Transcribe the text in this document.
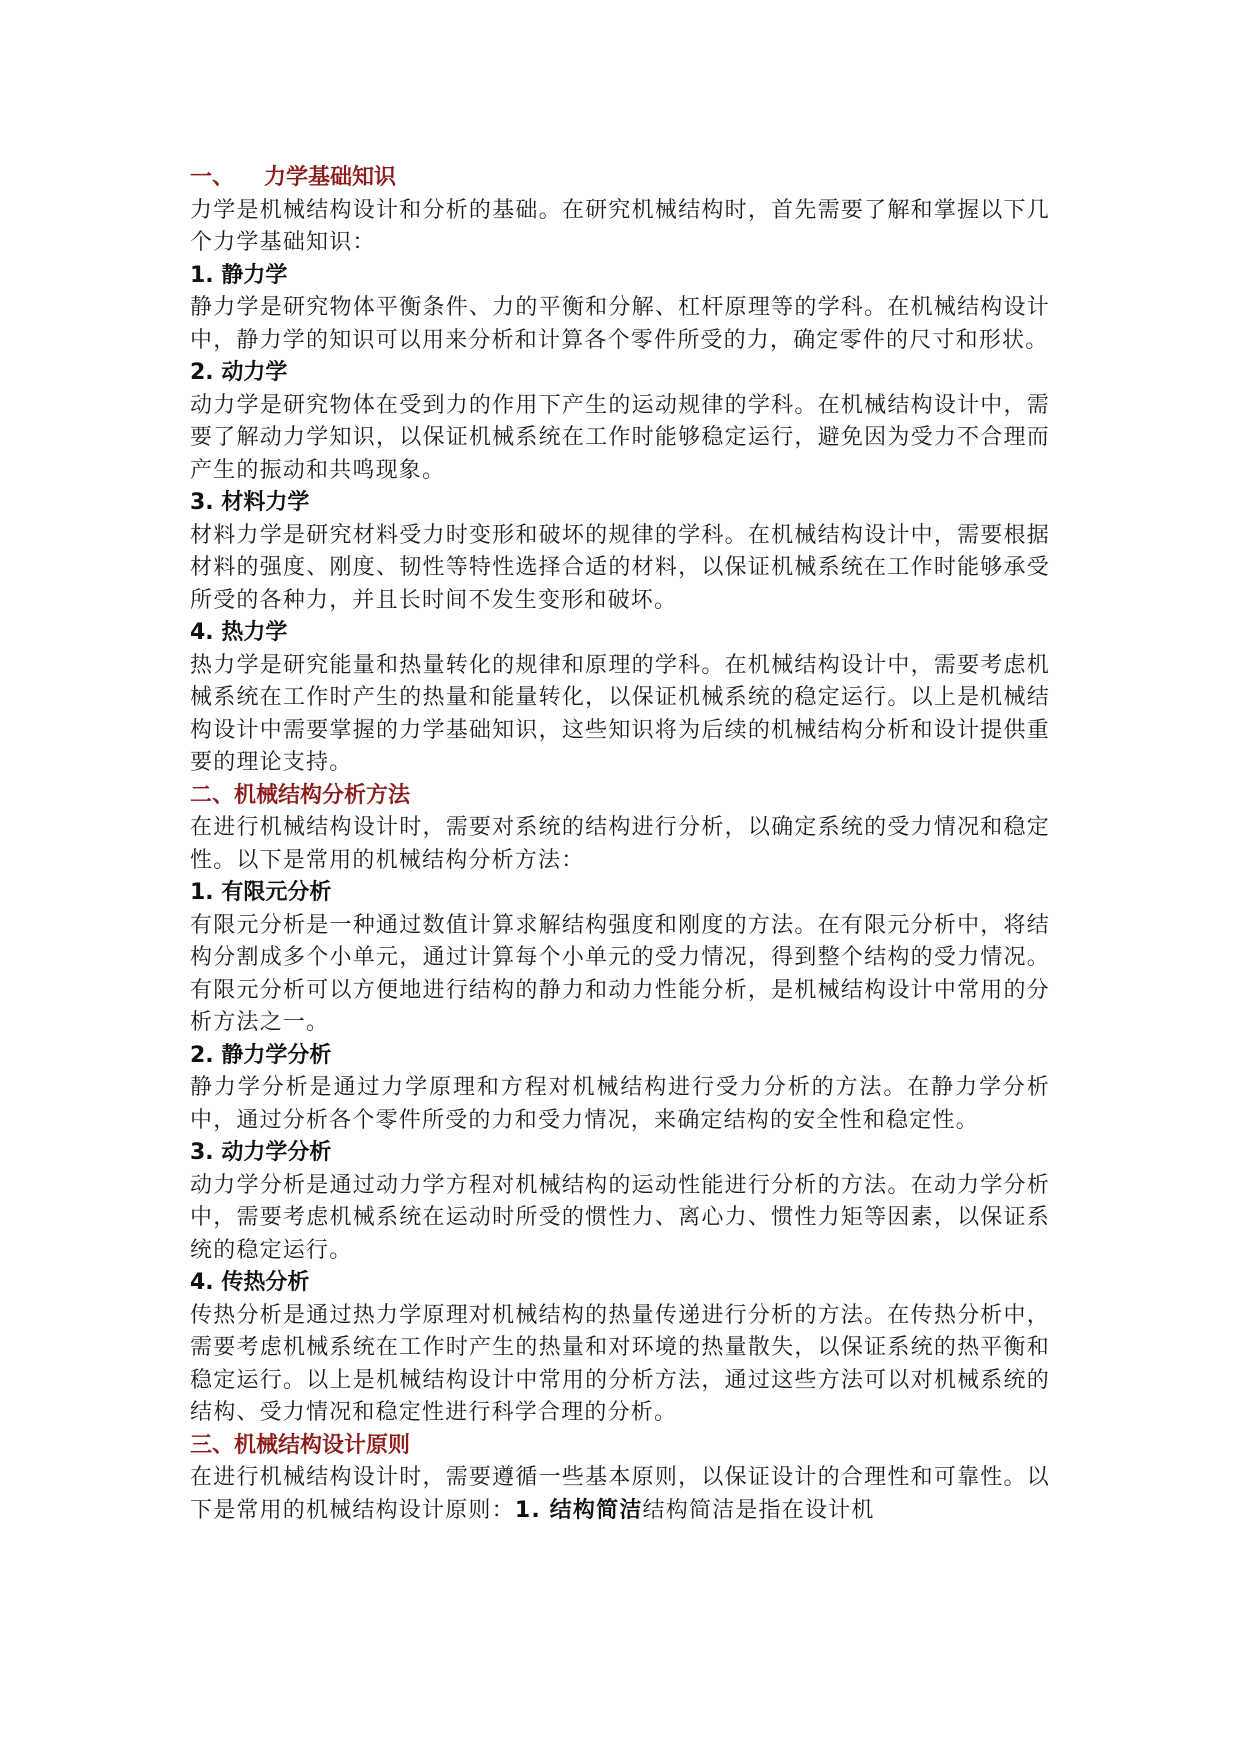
一、 力学基础知识

力学是机械结构设计和分析的基础。在研究机械结构时，首先需要了解和掌握以下几个力学基础知识：

1. 静力学

静力学是研究物体平衡条件、力的平衡和分解、杠杆原理等的学科。在机械结构设计中，静力学的知识可以用来分析和计算各个零件所受的力，确定零件的尺寸和形状。

2. 动力学

动力学是研究物体在受到力的作用下产生的运动规律的学科。在机械结构设计中，需要了解动力学知识，以保证机械系统在工作时能够稳定运行，避免因为受力不合理而产生的振动和共鸣现象。

3. 材料力学

材料力学是研究材料受力时变形和破坏的规律的学科。在机械结构设计中，需要根据材料的强度、刚度、韧性等特性选择合适的材料，以保证机械系统在工作时能够承受所受的各种力，并且长时间不发生变形和破坏。

4. 热力学

热力学是研究能量和热量转化的规律和原理的学科。在机械结构设计中，需要考虑机械系统在工作时产生的热量和能量转化，以保证机械系统的稳定运行。以上是机械结构设计中需要掌握的力学基础知识，这些知识将为后续的机械结构分析和设计提供重要的理论支持。

二、机械结构分析方法

在进行机械结构设计时，需要对系统的结构进行分析，以确定系统的受力情况和稳定性。以下是常用的机械结构分析方法：

1. 有限元分析

有限元分析是一种通过数值计算求解结构强度和刚度的方法。在有限元分析中，将结构分割成多个小单元，通过计算每个小单元的受力情况，得到整个结构的受力情况。有限元分析可以方便地进行结构的静力和动力性能分析，是机械结构设计中常用的分析方法之一。

2. 静力学分析

静力学分析是通过力学原理和方程对机械结构进行受力分析的方法。在静力学分析中，通过分析各个零件所受的力和受力情况，来确定结构的安全性和稳定性。

3. 动力学分析

动力学分析是通过动力学方程对机械结构的运动性能进行分析的方法。在动力学分析中，需要考虑机械系统在运动时所受的惯性力、离心力、惯性力矩等因素，以保证系统的稳定运行。

4. 传热分析

传热分析是通过热力学原理对机械结构的热量传递进行分析的方法。在传热分析中，需要考虑机械系统在工作时产生的热量和对环境的热量散失，以保证系统的热平衡和稳定运行。以上是机械结构设计中常用的分析方法，通过这些方法可以对机械系统的结构、受力情况和稳定性进行科学合理的分析。

三、机械结构设计原则

在进行机械结构设计时，需要遵循一些基本原则，以保证设计的合理性和可靠性。以下是常用的机械结构设计原则：1. 结构简洁结构简洁是指在设计机
